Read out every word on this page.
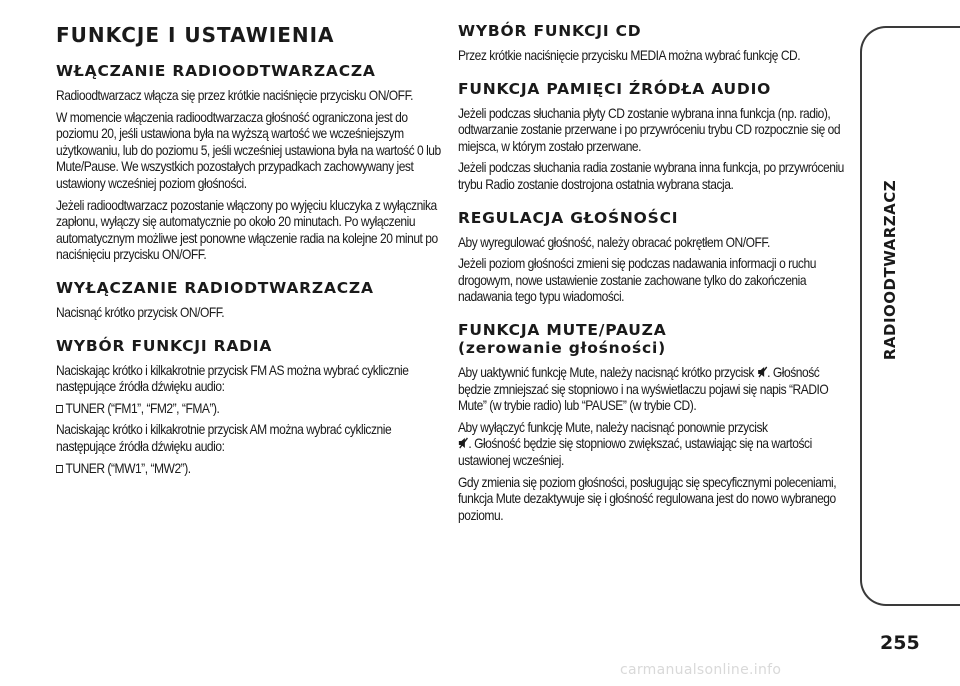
FUNKCJE I USTAWIENIA
WŁĄCZANIE RADIOODTWARZACZA

Radioodtwarzacz włącza się przez krótkie naciśnięcie przycisku ON/OFF.

W momencie włączenia radioodtwarzacza głośność ograniczona jest do poziomu 20, jeśli ustawiona była na wyższą wartość we wcześniejszym użytkowaniu, lub do poziomu 5, jeśli wcześniej ustawiona była na wartość 0 lub Mute/Pause. We wszystkich pozostałych przypadkach zachowywany jest ustawiony wcześniej poziom głośności.

Jeżeli radioodtwarzacz pozostanie włączony po wyjęciu kluczyka z wyłącznika zapłonu, wyłączy się automatycznie po około 20 minutach. Po wyłączeniu automatycznym możliwe jest ponowne włączenie radia na kolejne 20 minut po naciśnięciu przycisku ON/OFF.

WYŁĄCZANIE RADIODTWARZACZA

Nacisnąć krótko przycisk ON/OFF.

WYBÓR FUNKCJI RADIA

Naciskając krótko i kilkakrotnie przycisk FM AS można wybrać cyklicznie następujące źródła dźwięku audio:

TUNER (“FM1”, “FM2”, “FMA”).

Naciskając krótko i kilkakrotnie przycisk AM można wybrać cyklicznie następujące źródła dźwięku audio:

TUNER (“MW1”, “MW2”).

WYBÓR FUNKCJI CD

Przez krótkie naciśnięcie przycisku MEDIA można wybrać funkcję CD.

FUNKCJA PAMIĘCI ŹRÓDŁA AUDIO

Jeżeli podczas słuchania płyty CD zostanie wybrana inna funkcja (np. radio), odtwarzanie zostanie przerwane i po przywróceniu trybu CD rozpocznie się od miejsca, w którym zostało przerwane.

Jeżeli podczas słuchania radia zostanie wybrana inna funkcja, po przywróceniu trybu Radio zostanie dostrojona ostatnia wybrana stacja.

REGULACJA GŁOŚNOŚCI

Aby wyregulować głośność, należy obracać pokrętłem ON/OFF.

Jeżeli poziom głośności zmieni się podczas nadawania informacji o ruchu drogowym, nowe ustawienie zostanie zachowane tylko do zakończenia nadawania tego typu wiadomości.

FUNKCJA MUTE/PAUZA
(zerowanie głośności)

Aby uaktywnić funkcję Mute, należy nacisnąć krótko przycisk . Głośność będzie zmniejszać się stopniowo i na wyświetlaczu pojawi się napis “RADIO Mute” (w trybie radio) lub “PAUSE” (w trybie CD).

Aby wyłączyć funkcję Mute, należy nacisnąć ponownie przycisk
. Głośność będzie się stopniowo zwiększać, ustawiając się na wartości ustawionej wcześniej.

Gdy zmienia się poziom głośności, posługując się specyficznymi poleceniami, funkcja Mute dezaktywuje się i głośność regulowana jest do nowo wybranego poziomu.

RADIOODTWARZACZ
255
carmanualsonline.info
